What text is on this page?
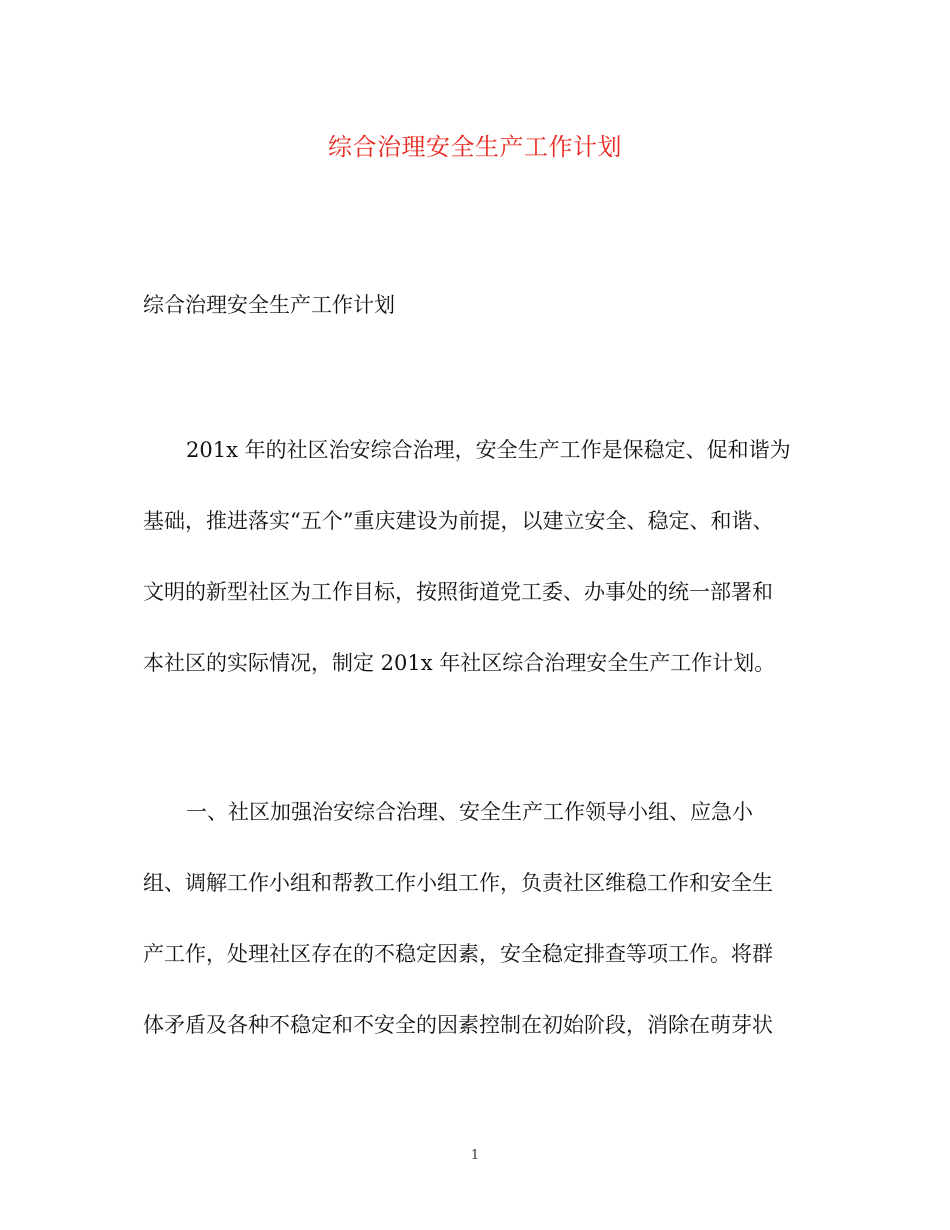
综合治理安全生产工作计划

综合治理安全生产工作计划

201x 年的社区治安综合治理，安全生产工作是保稳定、促和谐为
基础，推进落实“五个”重庆建设为前提，以建立安全、稳定、和谐、
文明的新型社区为工作目标，按照街道党工委、办事处的统一部署和
本社区的实际情况，制定 201x 年社区综合治理安全生产工作计划。
一、社区加强治安综合治理、安全生产工作领导小组、应急小
组、调解工作小组和帮教工作小组工作，负责社区维稳工作和安全生
产工作，处理社区存在的不稳定因素，安全稳定排查等项工作。将群
体矛盾及各种不稳定和不安全的因素控制在初始阶段，消除在萌芽状
1
